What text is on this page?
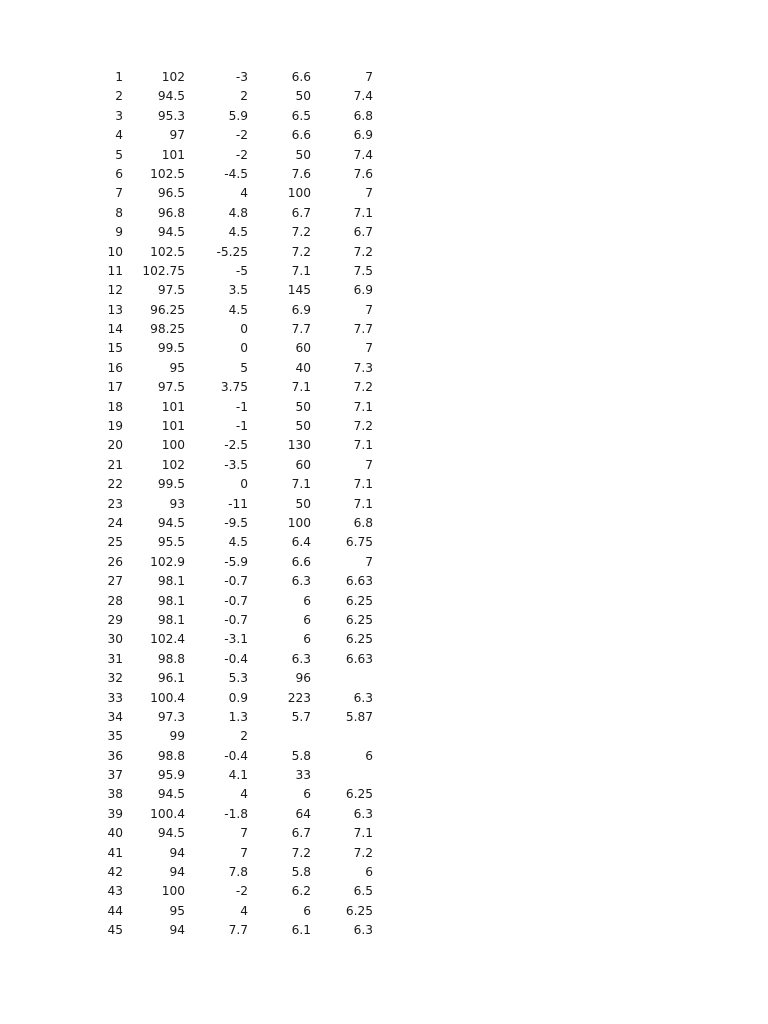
1	102	-3	6.6	7
2	94.5	2	50	7.4
3	95.3	5.9	6.5	6.8
4	97	-2	6.6	6.9
5	101	-2	50	7.4
6	102.5	-4.5	7.6	7.6
7	96.5	4	100	7
8	96.8	4.8	6.7	7.1
9	94.5	4.5	7.2	6.7
10	102.5	-5.25	7.2	7.2
11	102.75	-5	7.1	7.5
12	97.5	3.5	145	6.9
13	96.25	4.5	6.9	7
14	98.25	0	7.7	7.7
15	99.5	0	60	7
16	95	5	40	7.3
17	97.5	3.75	7.1	7.2
18	101	-1	50	7.1
19	101	-1	50	7.2
20	100	-2.5	130	7.1
21	102	-3.5	60	7
22	99.5	0	7.1	7.1
23	93	-11	50	7.1
24	94.5	-9.5	100	6.8
25	95.5	4.5	6.4	6.75
26	102.9	-5.9	6.6	7
27	98.1	-0.7	6.3	6.63
28	98.1	-0.7	6	6.25
29	98.1	-0.7	6	6.25
30	102.4	-3.1	6	6.25
31	98.8	-0.4	6.3	6.63
32	96.1	5.3	96
33	100.4	0.9	223	6.3
34	97.3	1.3	5.7	5.87
35	99	2
36	98.8	-0.4	5.8	6
37	95.9	4.1	33
38	94.5	4	6	6.25
39	100.4	-1.8	64	6.3
40	94.5	7	6.7	7.1
41	94	7	7.2	7.2
42	94	7.8	5.8	6
43	100	-2	6.2	6.5
44	95	4	6	6.25
45	94	7.7	6.1	6.3
